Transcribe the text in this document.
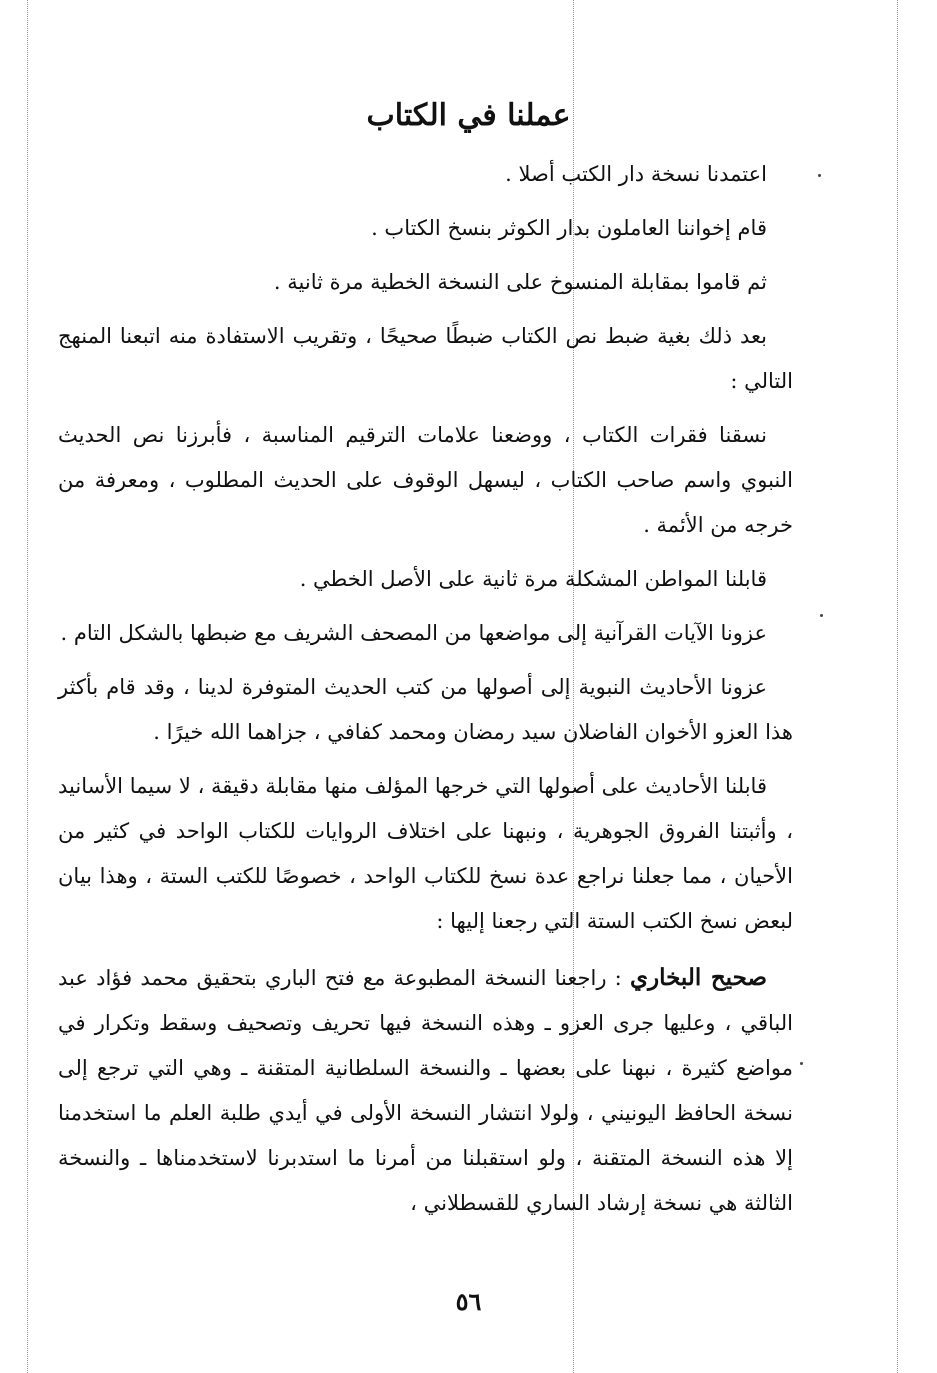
عملنا في الكتاب

اعتمدنا نسخة دار الكتب أصلا .

قام إخواننا العاملون بدار الكوثر بنسخ الكتاب .

ثم قاموا بمقابلة المنسوخ على النسخة الخطية مرة ثانية .

بعد ذلك بغية ضبط نص الكتاب ضبطًا صحيحًا ، وتقريب الاستفادة منه اتبعنا المنهج التالي :

نسقنا فقرات الكتاب ، ووضعنا علامات الترقيم المناسبة ، فأبرزنا نص الحديث النبوي واسم صاحب الكتاب ، ليسهل الوقوف على الحديث المطلوب ، ومعرفة من خرجه من الأئمة .

قابلنا المواطن المشكلة مرة ثانية على الأصل الخطي .

عزونا الآيات القرآنية إلى مواضعها من المصحف الشريف مع ضبطها بالشكل التام .

عزونا الأحاديث النبوية إلى أصولها من كتب الحديث المتوفرة لدينا ، وقد قام بأكثر هذا العزو الأخوان الفاضلان سيد رمضان ومحمد كفافي ، جزاهما الله خيرًا .

قابلنا الأحاديث على أصولها التي خرجها المؤلف منها مقابلة دقيقة ، لا سيما الأسانيد ، وأثبتنا الفروق الجوهرية ، ونبهنا على اختلاف الروايات للكتاب الواحد في كثير من الأحيان ، مما جعلنا نراجع عدة نسخ للكتاب الواحد ، خصوصًا للكتب الستة ، وهذا بيان لبعض نسخ الكتب الستة التي رجعنا إليها :

صحيح البخاري : راجعنا النسخة المطبوعة مع فتح الباري بتحقيق محمد فؤاد عبد الباقي ، وعليها جرى العزو ـ وهذه النسخة فيها تحريف وتصحيف وسقط وتكرار في مواضع كثيرة ، نبهنا على بعضها ـ والنسخة السلطانية المتقنة ـ وهي التي ترجع إلى نسخة الحافظ اليونيني ، ولولا انتشار النسخة الأولى في أيدي طلبة العلم ما استخدمنا إلا هذه النسخة المتقنة ، ولو استقبلنا من أمرنا ما استدبرنا لاستخدمناها ـ والنسخة الثالثة هي نسخة إرشاد الساري للقسطلاني ،

٥٦
